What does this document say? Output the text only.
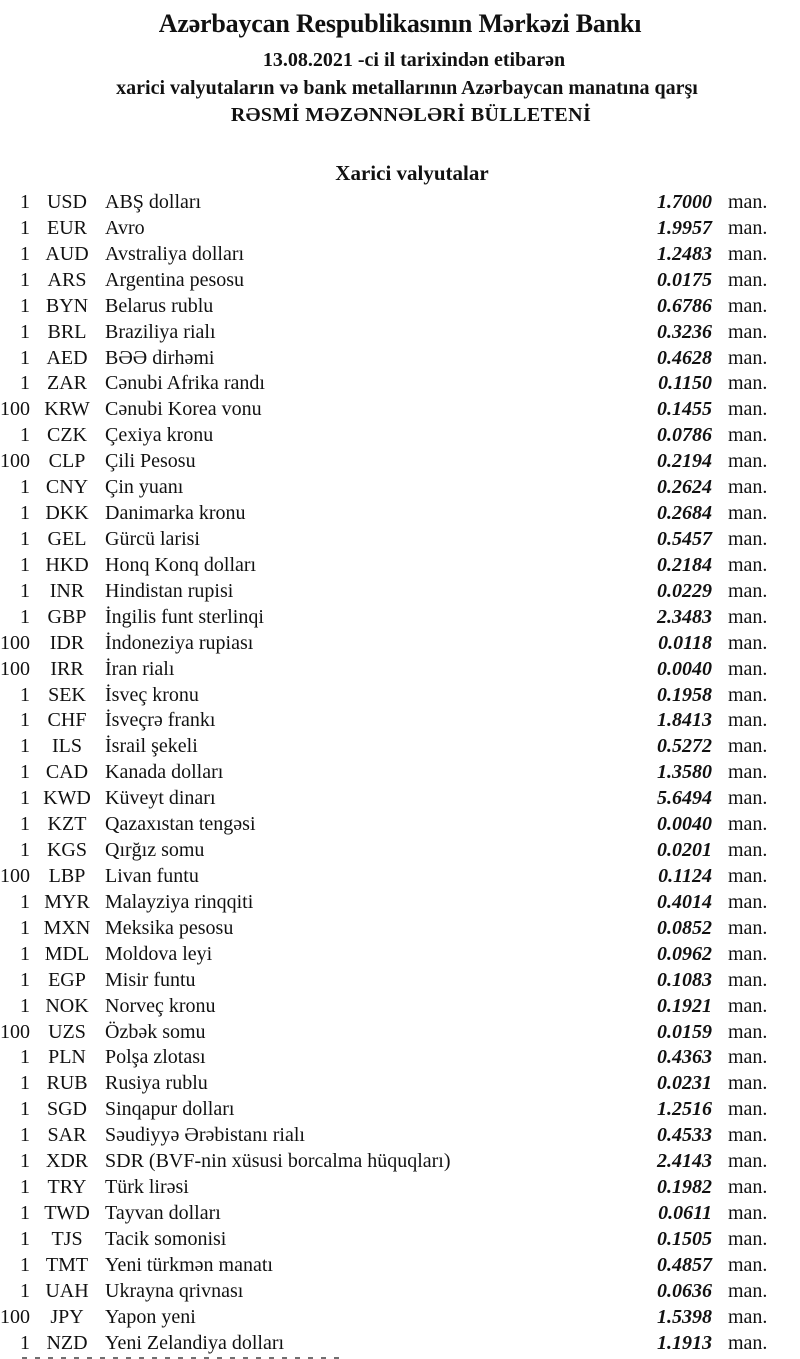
Azərbaycan Respublikasının Mərkəzi Bankı
13.08.2021 -ci il tarixindən etibarən
xarici valyutaların və bank metallarının Azərbaycan manatına qarşı
RƏSMİ MƏZƏNNƏLƏRİ BÜLLETENİ
Xarici valyutalar
1 USD ABŞ dolları	1.7000 man.
1 EUR Avro	1.9957 man.
1 AUD Avstraliya dolları	1.2483 man.
1 ARS Argentina pesosu	0.0175 man.
1 BYN Belarus rublu	0.6786 man.
1 BRL Braziliya rialı	0.3236 man.
1 AED BƏƏ dirhəmi	0.4628 man.
1 ZAR Cənubi Afrika randı	0.1150 man.
100 KRW Cənubi Korea vonu	0.1455 man.
1 CZK Çexiya kronu	0.0786 man.
100 CLP Çili Pesosu	0.2194 man.
1 CNY Çin yuanı	0.2624 man.
1 DKK Danimarka kronu	0.2684 man.
1 GEL Gürcü larisi	0.5457 man.
1 HKD Honq Konq dolları	0.2184 man.
1 INR	Hindistan rupisi	0.0229 man.
1 GBP İngilis funt sterlinqi	2.3483 man.
100 IDR	İndoneziya rupiası	0.0118 man.
100	IRR	İran rialı	0.0040 man.
1 SEK İsveç kronu	0.1958 man.
1 CHF İsveçrə frankı	1.8413 man.
1	ILS	İsrail şekeli	0.5272 man.
1 CAD Kanada dolları	1.3580 man.
1 KWD Küveyt dinarı	5.6494 man.
1 KZT Qazaxıstan tengəsi	0.0040 man.
1 KGS Qırğız somu	0.0201 man.
100 LBP Livan funtu	0.1124 man.
1 MYR Malayziya rinqqiti	0.4014 man.
1 MXN Meksika pesosu	0.0852 man.
1 MDL Moldova leyi	0.0962 man.
1 EGP Misir funtu	0.1083 man.
1 NOK Norveç kronu	0.1921 man.
100 UZS Özbək somu	0.0159 man.
1 PLN Polşa zlotası	0.4363 man.
1 RUB Rusiya rublu	0.0231 man.
1 SGD Sinqapur dolları	1.2516 man.
1 SAR Səudiyyə Ərəbistanı rialı	0.4533 man.
1 XDR SDR (BVF-nin xüsusi borcalma hüquqları)	2.4143 man.
1 TRY Türk lirəsi	0.1982 man.
1 TWD Tayvan dolları	0.0611 man.
1	TJS	Tacik somonisi	0.1505 man.
1 TMT Yeni türkmən manatı	0.4857 man.
1 UAH Ukrayna qrivnası	0.0636 man.
100	JPY	Yapon yeni	1.5398 man.
1 NZD Yeni Zelandiya dolları	1.1913 man.
